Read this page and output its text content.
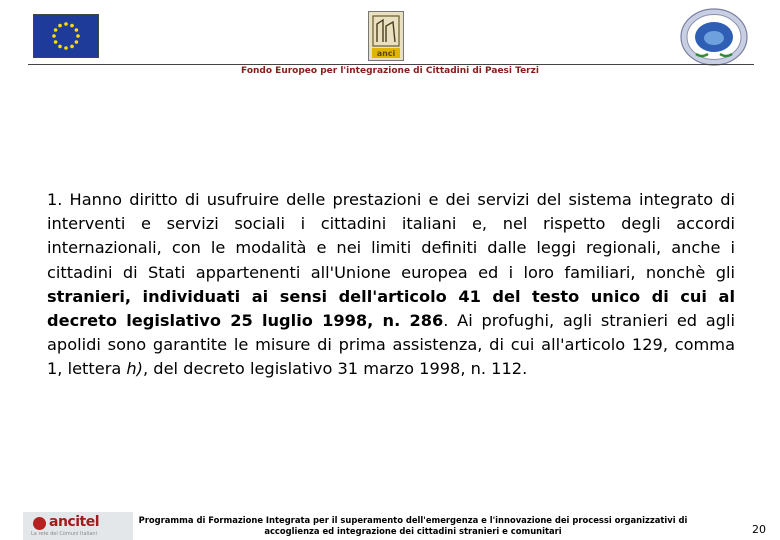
anci
Fondo Europeo per l'integrazione di Cittadini di Paesi Terzi
1. Hanno diritto di usufruire delle prestazioni e dei servizi del sistema integrato di interventi e servizi sociali i cittadini italiani e, nel rispetto degli accordi internazionali, con le modalità e nei limiti definiti dalle leggi regionali, anche i cittadini di Stati appartenenti all'Unione europea ed i loro familiari, nonchè gli stranieri, individuati ai sensi dell'articolo 41 del testo unico di cui al decreto legislativo 25 luglio 1998, n. 286. Ai profughi, agli stranieri ed agli apolidi sono garantite le misure di prima assistenza, di cui all'articolo 129, comma 1, lettera h), del decreto legislativo 31 marzo 1998, n. 112.
ancitel
La rete dei Comuni Italiani
Programma di Formazione Integrata per il superamento dell'emergenza e l'innovazione dei processi organizzativi di
accoglienza ed integrazione dei cittadini stranieri e comunitari	20
